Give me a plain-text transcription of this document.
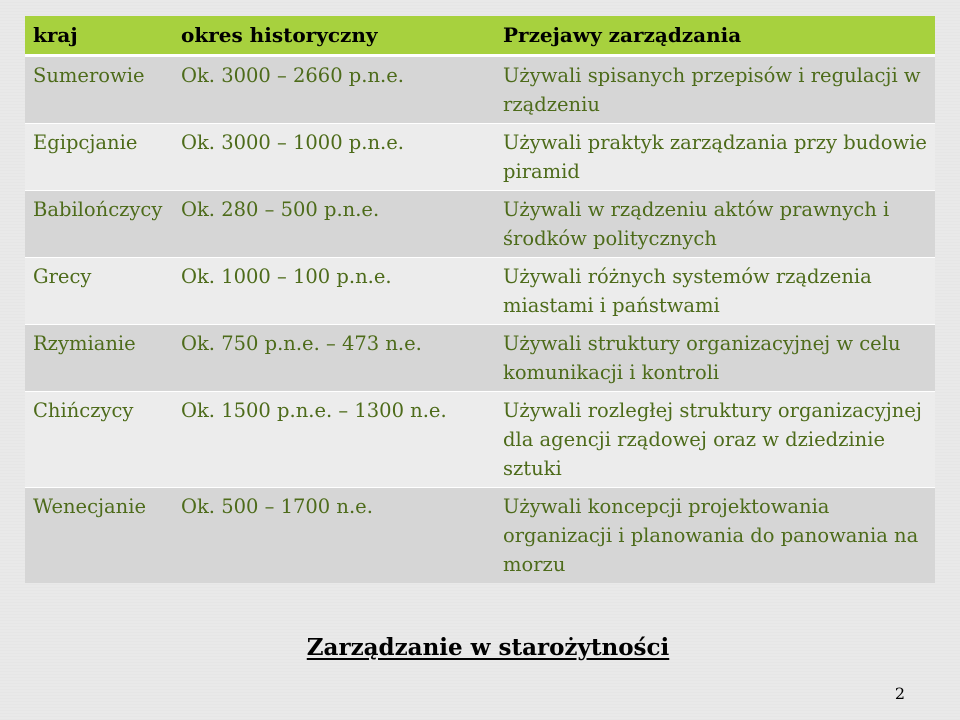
kraj	okres historyczny	Przejawy zarządzania
Sumerowie	Ok. 3000 – 2660 p.n.e.	Używali spisanych przepisów i regulacji w rządzeniu
Egipcjanie	Ok. 3000 – 1000 p.n.e.	Używali praktyk zarządzania przy budowie piramid
Babilończycy	Ok. 280 – 500 p.n.e.	Używali w rządzeniu aktów prawnych i środków politycznych
Grecy	Ok. 1000 – 100 p.n.e.	Używali różnych systemów rządzenia miastami i państwami
Rzymianie	Ok. 750 p.n.e. – 473 n.e.	Używali struktury organizacyjnej w celu komunikacji i kontroli
Chińczycy	Ok. 1500 p.n.e. – 1300 n.e.	Używali rozległej struktury organizacyjnej dla agencji rządowej oraz w dziedzinie sztuki
Wenecjanie	Ok. 500 – 1700 n.e.	Używali koncepcji projektowania organizacji i planowania do panowania na morzu
Zarządzanie w starożytności
2
